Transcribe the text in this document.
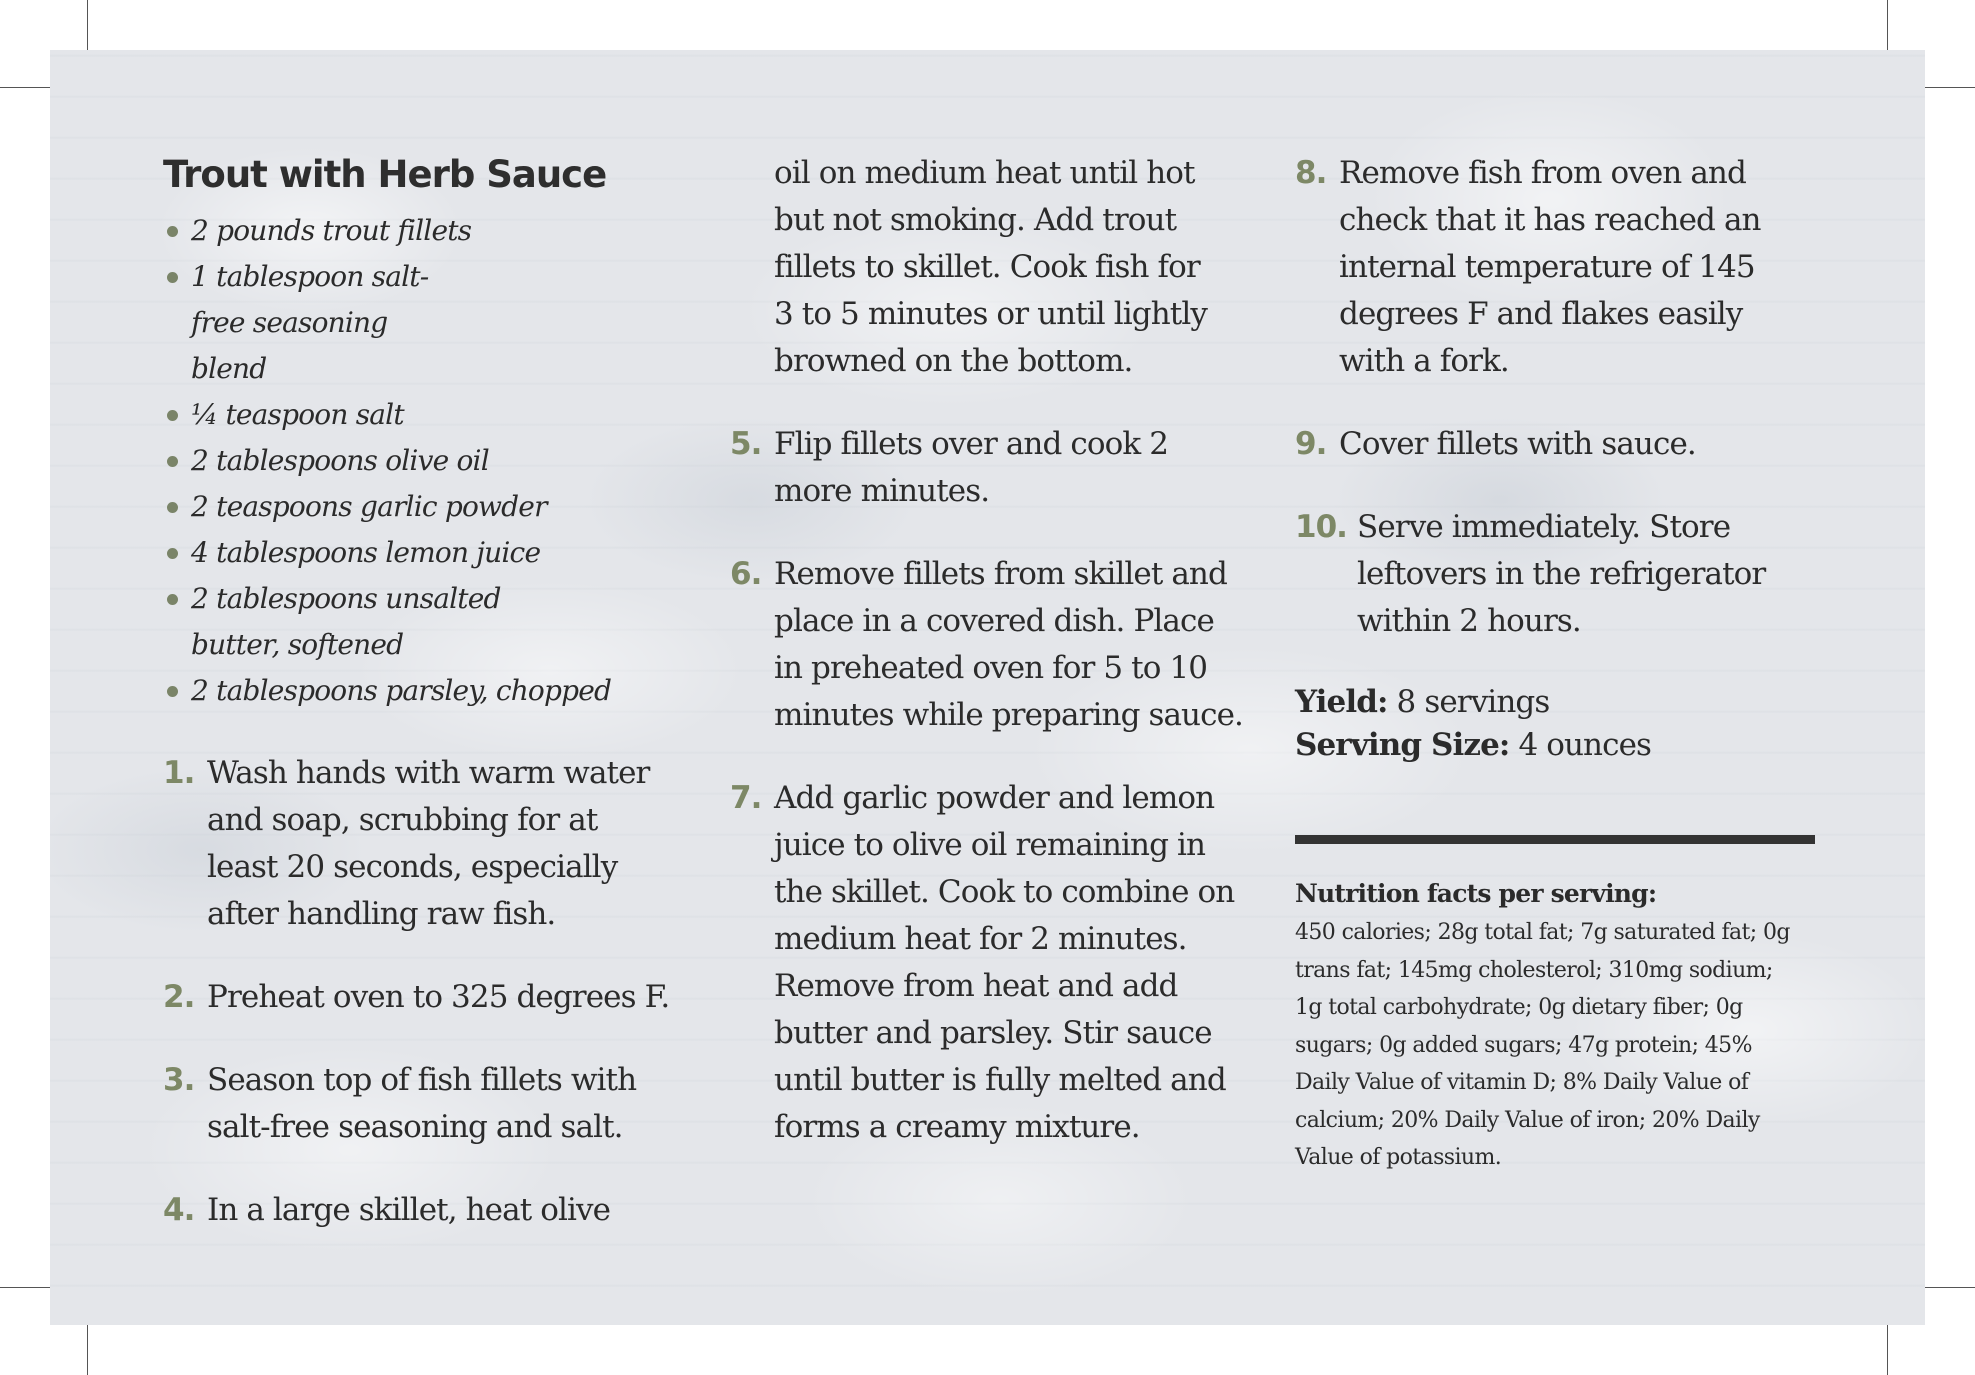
Trout with Herb Sauce
2 pounds trout fillets
1 tablespoon salt-free seasoning blend
¼ teaspoon salt
2 tablespoons olive oil
2 teaspoons garlic powder
4 tablespoons lemon juice
2 tablespoons unsalted butter, softened
2 tablespoons parsley, chopped
1. Wash hands with warm water and soap, scrubbing for at least 20 seconds, especially after handling raw fish.
2. Preheat oven to 325 degrees F.
3. Season top of fish fillets with salt-free seasoning and salt.
4. In a large skillet, heat olive

oil on medium heat until hot but not smoking. Add trout fillets to skillet. Cook fish for 3 to 5 minutes or until lightly browned on the bottom.

5. Flip fillets over and cook 2 more minutes.
6. Remove fillets from skillet and place in a covered dish. Place in preheated oven for 5 to 10 minutes while preparing sauce.
7. Add garlic powder and lemon juice to olive oil remaining in the skillet. Cook to combine on medium heat for 2 minutes. Remove from heat and add butter and parsley. Stir sauce until butter is fully melted and forms a creamy mixture.
8. Remove fish from oven and check that it has reached an internal temperature of 145 degrees F and flakes easily with a fork.
9. Cover fillets with sauce.
10. Serve immediately. Store leftovers in the refrigerator within 2 hours.

Yield: 8 servings

Serving Size: 4 ounces

Nutrition facts per serving:

450 calories; 28g total fat; 7g saturated fat; 0g trans fat; 145mg cholesterol; 310mg sodium; 1g total carbohydrate; 0g dietary fiber; 0g sugars; 0g added sugars; 47g protein; 45% Daily Value of vitamin D; 8% Daily Value of calcium; 20% Daily Value of iron; 20% Daily Value of potassium.
